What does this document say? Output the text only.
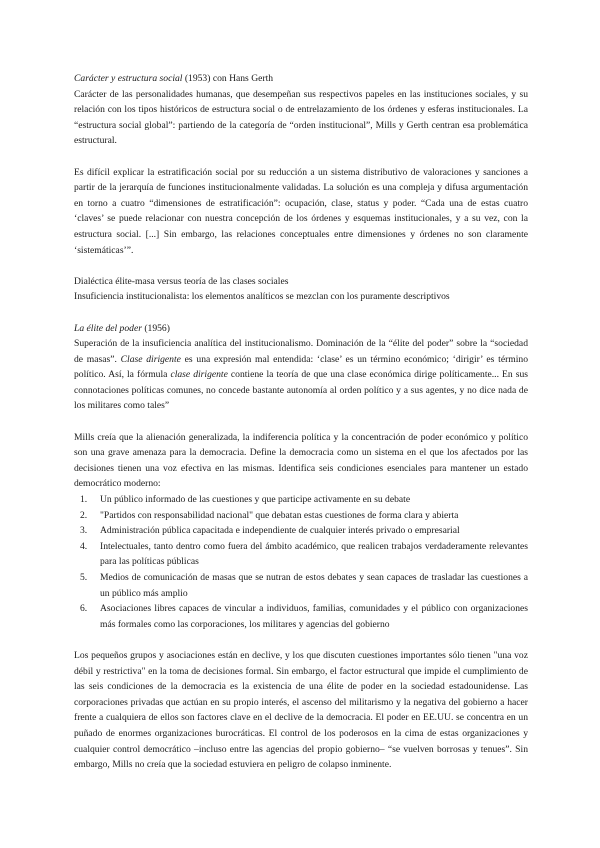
Carácter y estructura social (1953) con Hans Gerth

Carácter de las personalidades humanas, que desempeñan sus respectivos papeles en las instituciones sociales, y su relación con los tipos históricos de estructura social o de entrelazamiento de los órdenes y esferas institucionales. La “estructura social global”: partiendo de la categoría de “orden institucional”, Mills y Gerth centran esa problemática estructural.

Es difícil explicar la estratificación social por su reducción a un sistema distributivo de valoraciones y sanciones a partir de la jerarquía de funciones institucionalmente validadas. La solución es una compleja y difusa argumentación en torno a cuatro “dimensiones de estratificación”: ocupación, clase, status y poder. “Cada una de estas cuatro ‘claves’ se puede relacionar con nuestra concepción de los órdenes y esquemas institucionales, y a su vez, con la estructura social. [...] Sin embargo, las relaciones conceptuales entre dimensiones y órdenes no son claramente ‘sistemáticas’”.

Dialéctica élite-masa versus teoría de las clases sociales

Insuficiencia institucionalista: los elementos analíticos se mezclan con los puramente descriptivos

La élite del poder (1956)

Superación de la insuficiencia analítica del institucionalismo. Dominación de la “élite del poder” sobre la “sociedad de masas”. Clase dirigente es una expresión mal entendida: ‘clase’ es un término económico; ‘dirigir’ es término político. Así, la fórmula clase dirigente contiene la teoría de que una clase económica dirige políticamente... En sus connotaciones políticas comunes, no concede bastante autonomía al orden político y a sus agentes, y no dice nada de los militares como tales”

Mills creía que la alienación generalizada, la indiferencia política y la concentración de poder económico y político son una grave amenaza para la democracia. Define la democracia como un sistema en el que los afectados por las decisiones tienen una voz efectiva en las mismas. Identifica seis condiciones esenciales para mantener un estado democrático moderno:

1.	Un público informado de las cuestiones y que participe activamente en su debate
2.	"Partidos con responsabilidad nacional" que debatan estas cuestiones de forma clara y abierta
3.	Administración pública capacitada e independiente de cualquier interés privado o empresarial
4.	Intelectuales, tanto dentro como fuera del ámbito académico, que realicen trabajos verdaderamente relevantes para las políticas públicas
5.	Medios de comunicación de masas que se nutran de estos debates y sean capaces de trasladar las cuestiones a un público más amplio
6.	Asociaciones libres capaces de vincular a individuos, familias, comunidades y el público con organizaciones más formales como las corporaciones, los militares y agencias del gobierno

Los pequeños grupos y asociaciones están en declive, y los que discuten cuestiones importantes sólo tienen "una voz débil y restrictiva" en la toma de decisiones formal. Sin embargo, el factor estructural que impide el cumplimiento de las seis condiciones de la democracia es la existencia de una élite de poder en la sociedad estadounidense. Las corporaciones privadas que actúan en su propio interés, el ascenso del militarismo y la negativa del gobierno a hacer frente a cualquiera de ellos son factores clave en el declive de la democracia. El poder en EE.UU. se concentra en un puñado de enormes organizaciones burocráticas. El control de los poderosos en la cima de estas organizaciones y cualquier control democrático –incluso entre las agencias del propio gobierno– “se vuelven borrosas y tenues”. Sin embargo, Mills no creía que la sociedad estuviera en peligro de colapso inminente.
